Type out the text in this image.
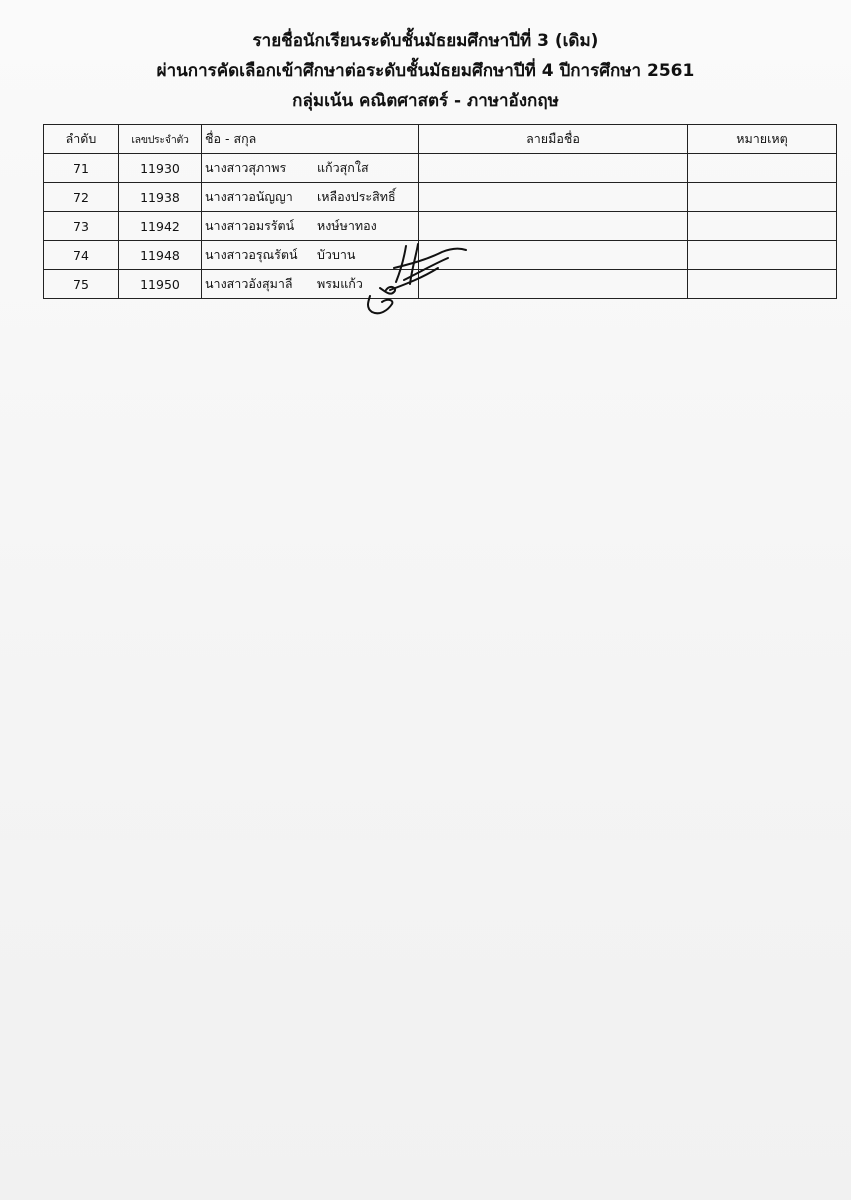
รายชื่อนักเรียนระดับชั้นมัธยมศึกษาปีที่ 3 (เดิม)
ผ่านการคัดเลือกเข้าศึกษาต่อระดับชั้นมัธยมศึกษาปีที่ 4 ปีการศึกษา 2561
กลุ่มเน้น คณิตศาสตร์ - ภาษาอังกฤษ
ลำดับ	เลขประจำตัว	ชื่อ - สกุล	ลายมือชื่อ	หมายเหตุ
71	11930	นางสาวสุภาพร แก้วสุกใส		
72	11938	นางสาวอนัญญา เหลืองประสิทธิ์		
73	11942	นางสาวอมรรัตน์ หงษ์ษาทอง		
74	11948	นางสาวอรุณรัตน์ บัวบาน		
75	11950	นางสาวอังสุมาลี พรมแก้ว		
